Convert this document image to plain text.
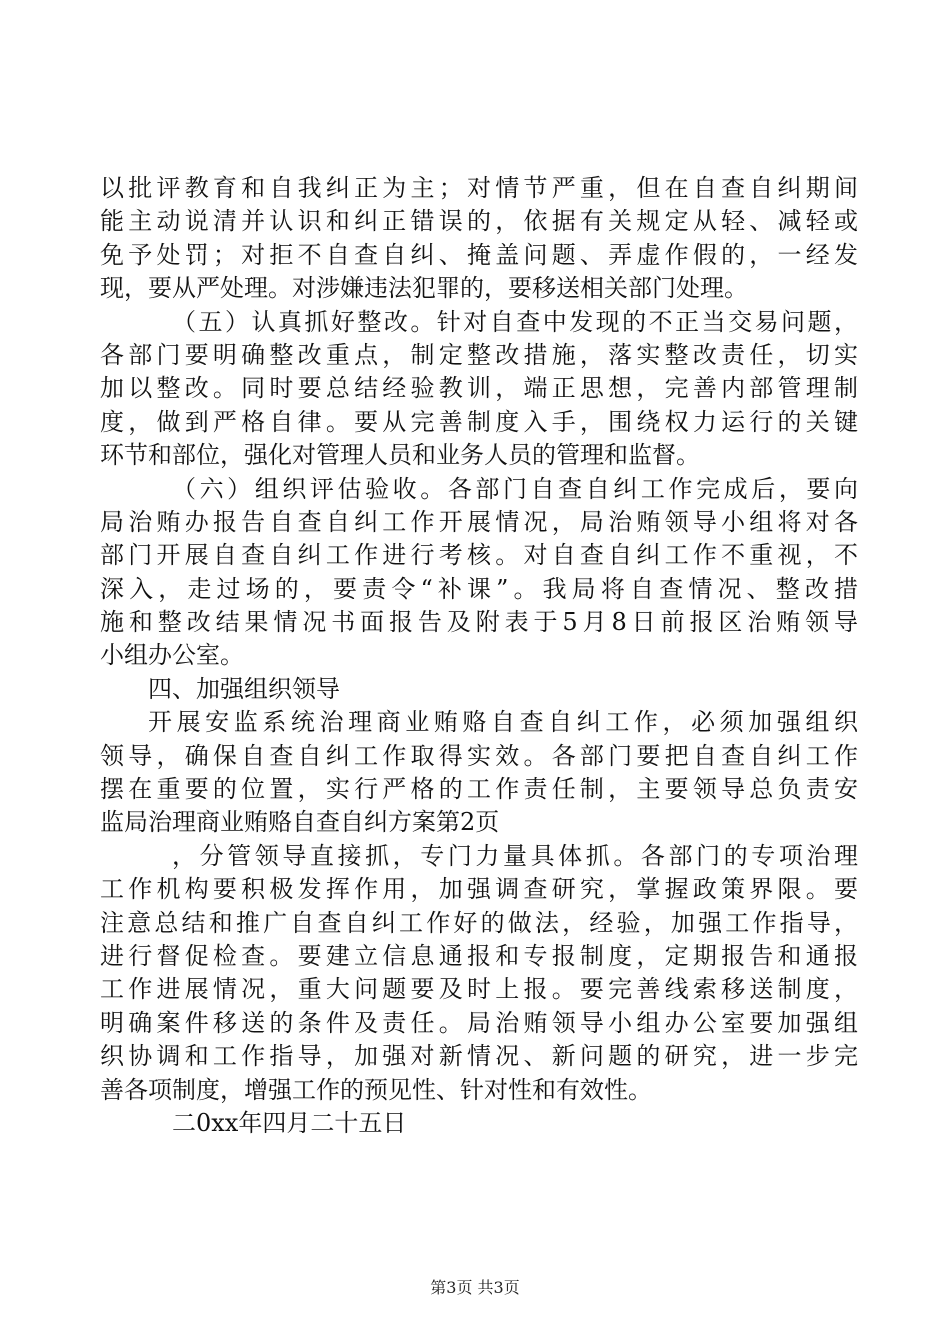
以批评教育和自我纠正为主；对情节严重，但在自查自纠期间
能主动说清并认识和纠正错误的，依据有关规定从轻、减轻或
免予处罚；对拒不自查自纠、掩盖问题、弄虚作假的，一经发
现，要从严处理。对涉嫌违法犯罪的，要移送相关部门处理。
（五）认真抓好整改。针对自查中发现的不正当交易问题，
各部门要明确整改重点，制定整改措施，落实整改责任，切实
加以整改。同时要总结经验教训，端正思想，完善内部管理制
度，做到严格自律。要从完善制度入手，围绕权力运行的关键
环节和部位，强化对管理人员和业务人员的管理和监督。
（六）组织评估验收。各部门自查自纠工作完成后，要向
局治贿办报告自查自纠工作开展情况，局治贿领导小组将对各
部门开展自查自纠工作进行考核。对自查自纠工作不重视，不
深入，走过场的，要责令“补课”。我局将自查情况、整改措
施和整改结果情况书面报告及附表于5月8日前报区治贿领导
小组办公室。
四、加强组织领导
开展安监系统治理商业贿赂自查自纠工作，必须加强组织
领导，确保自查自纠工作取得实效。各部门要把自查自纠工作
摆在重要的位置，实行严格的工作责任制，主要领导总负责安
监局治理商业贿赂自查自纠方案第2页
，分管领导直接抓，专门力量具体抓。各部门的专项治理
工作机构要积极发挥作用，加强调查研究，掌握政策界限。要
注意总结和推广自查自纠工作好的做法，经验，加强工作指导，
进行督促检查。要建立信息通报和专报制度，定期报告和通报
工作进展情况，重大问题要及时上报。要完善线索移送制度，
明确案件移送的条件及责任。局治贿领导小组办公室要加强组
织协调和工作指导，加强对新情况、新问题的研究，进一步完
善各项制度，增强工作的预见性、针对性和有效性。
二0xx年四月二十五日
第3页 共3页
